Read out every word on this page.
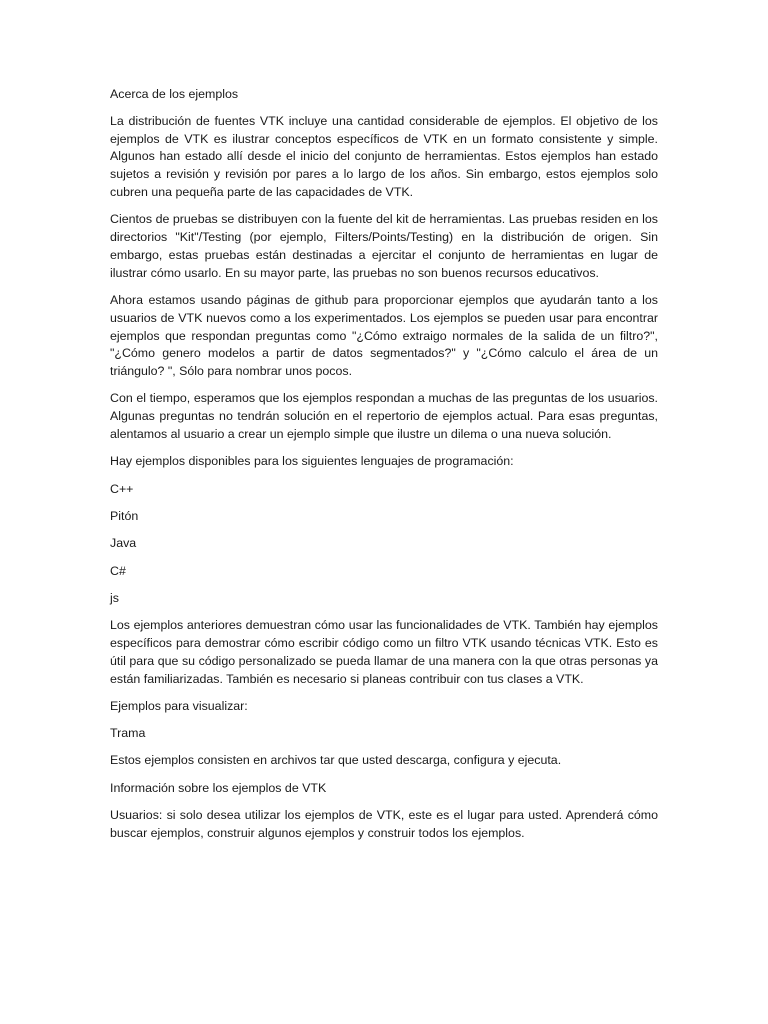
Acerca de los ejemplos

La distribución de fuentes VTK incluye una cantidad considerable de ejemplos. El objetivo de los ejemplos de VTK es ilustrar conceptos específicos de VTK en un formato consistente y simple. Algunos han estado allí desde el inicio del conjunto de herramientas. Estos ejemplos han estado sujetos a revisión y revisión por pares a lo largo de los años. Sin embargo, estos ejemplos solo cubren una pequeña parte de las capacidades de VTK.

Cientos de pruebas se distribuyen con la fuente del kit de herramientas. Las pruebas residen en los directorios "Kit"/Testing (por ejemplo, Filters/Points/Testing) en la distribución de origen. Sin embargo, estas pruebas están destinadas a ejercitar el conjunto de herramientas en lugar de ilustrar cómo usarlo. En su mayor parte, las pruebas no son buenos recursos educativos.

Ahora estamos usando páginas de github para proporcionar ejemplos que ayudarán tanto a los usuarios de VTK nuevos como a los experimentados. Los ejemplos se pueden usar para encontrar ejemplos que respondan preguntas como "¿Cómo extraigo normales de la salida de un filtro?", "¿Cómo genero modelos a partir de datos segmentados?" y "¿Cómo calculo el área de un triángulo? ", Sólo para nombrar unos pocos.

Con el tiempo, esperamos que los ejemplos respondan a muchas de las preguntas de los usuarios. Algunas preguntas no tendrán solución en el repertorio de ejemplos actual. Para esas preguntas, alentamos al usuario a crear un ejemplo simple que ilustre un dilema o una nueva solución.

Hay ejemplos disponibles para los siguientes lenguajes de programación:

C++

Pitón

Java

C#

js

Los ejemplos anteriores demuestran cómo usar las funcionalidades de VTK. También hay ejemplos específicos para demostrar cómo escribir código como un filtro VTK usando técnicas VTK. Esto es útil para que su código personalizado se pueda llamar de una manera con la que otras personas ya están familiarizadas. También es necesario si planeas contribuir con tus clases a VTK.

Ejemplos para visualizar:

Trama

Estos ejemplos consisten en archivos tar que usted descarga, configura y ejecuta.

Información sobre los ejemplos de VTK

Usuarios: si solo desea utilizar los ejemplos de VTK, este es el lugar para usted. Aprenderá cómo buscar ejemplos, construir algunos ejemplos y construir todos los ejemplos.
